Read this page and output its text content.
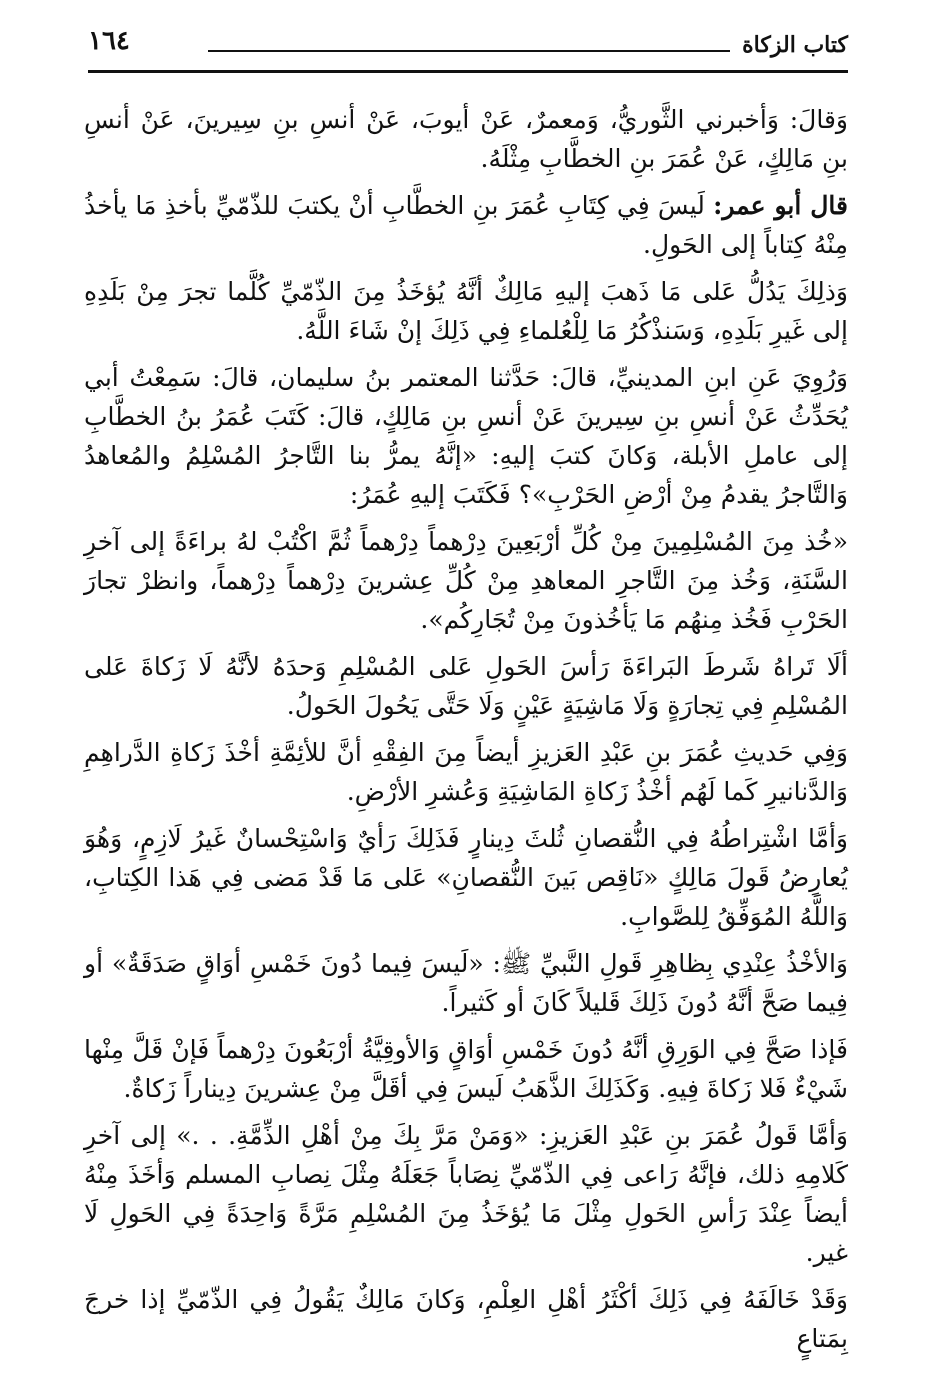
كتاب الزكاة
١٦٤

وَقالَ: وَأخبرني الثَّوريُّ، وَمعمرٌ، عَنْ أيوبَ، عَنْ أنسِ بنِ سِيرينَ، عَنْ أنسِ بنِ مَالِكٍ، عَنْ عُمَرَ بنِ الخطَّابِ مِثْلَهُ.

قال أبو عمر: لَيسَ فِي كِتَابِ عُمَرَ بنِ الخطَّابِ أنْ يكتبَ للذّمّيِّ بأخذِ مَا يأخذُ مِنْهُ كِتاباً إلى الحَولِ.

وَذلِكَ يَدُلُّ عَلى مَا ذَهبَ إليهِ مَالِكٌ أنَّهُ يُؤخَذُ مِنَ الذّمّيِّ كُلَّما تجرَ مِنْ بَلَدِهِ إلى غَيرِ بَلَدِهِ، وَسَنذْكُرُ مَا لِلْعُلماءِ فِي ذَلِكَ إنْ شَاءَ اللَّهُ.

وَرُوِيَ عَنِ ابنِ المدينيِّ، قالَ: حَدَّثنا المعتمر بنُ سليمان، قالَ: سَمِعْتُ أبي يُحَدِّثُ عَنْ أنسِ بنِ سِيرينَ عَنْ أنسِ بنِ مَالِكٍ، قالَ: كَتَبَ عُمَرُ بنُ الخطَّابِ إلى عاملِ الأبلة، وَكانَ كتبَ إليهِ: «إنَّهُ يمرُّ بنا التَّاجرُ المُسْلِمُ والمُعاهدُ وَالتَّاجرُ يقدمُ مِنْ أرْضِ الحَرْبِ»؟ فَكَتَبَ إليهِ عُمَرُ:

«خُذ مِنَ المُسْلِمِينَ مِنْ كُلِّ أرْبَعِينَ دِرْهماً دِرْهماً ثُمَّ اكْتُبْ لهُ براءَةً إلى آخرِ السَّنَةِ، وَخُذ مِنَ التَّاجرِ المعاهدِ مِنْ كُلِّ عِشرينَ دِرْهماً دِرْهماً، وانظرْ تجارَ الحَرْبِ فَخُذ مِنهُم مَا يَأخُذونَ مِنْ تُجَارِكُم».

ألَا تَراهُ شَرطَ البَراءَةَ رَأسَ الحَولِ عَلى المُسْلِمِ وَحدَهُ لأنَّهُ لَا زَكاةَ عَلى المُسْلِمِ فِي تِجارَةٍ وَلَا مَاشِيَةٍ عَيْنٍ وَلَا حَتَّى يَحُولَ الحَولُ.

وَفِي حَديثِ عُمَرَ بنِ عَبْدِ العَزيزِ أيضاً مِنَ الفِقْهِ أنَّ للأئِمَّةِ أخْذَ زَكاةِ الدَّراهِمِ وَالدَّنانيرِ كَما لَهُم أخْذُ زَكاةِ المَاشِيَةِ وَعُشرِ الأرْضِ.

وَأمَّا اشْتِراطُهُ فِي النُّقصانِ ثُلثَ دِينارٍ فَذَلِكَ رَأيٌ وَاسْتِحْسانٌ غَيرُ لَازِمٍ، وَهُوَ يُعارِضُ قَولَ مَالِكٍ «نَاقِص بَينَ النُّقصانِ» عَلى مَا قَدْ مَضى فِي هَذا الكِتابِ، وَاللَّهُ المُوَفِّقُ لِلصَّوابِ.

وَالأخْذُ عِنْدِي بِظاهِرِ قَولِ النَّبيِّ ﷺ: «لَيسَ فِيما دُونَ خَمْسِ أوَاقٍ صَدَقَةٌ» أو فِيما صَحَّ أنَّهُ دُونَ ذَلِكَ قَليلاً كَانَ أو كَثيراً.

فَإذا صَحَّ فِي الوَرِقِ أنَّهُ دُونَ خَمْسِ أوَاقٍ وَالأوقِيَّةُ أرْبَعُونَ دِرْهماً فَإنْ قَلَّ مِنْها شَيْءٌ فَلا زَكاةَ فِيهِ. وَكَذَلِكَ الذَّهَبُ لَيسَ فِي أقَلَّ مِنْ عِشرينَ دِيناراً زَكاةٌ.

وَأمَّا قَولُ عُمَرَ بنِ عَبْدِ العَزيزِ: «وَمَنْ مَرَّ بِكَ مِنْ أهْلِ الذِّمَّةِ. . .» إلى آخرِ كَلامِهِ ذلك، فإنَّهُ رَاعى فِي الذّمّيِّ نِصَاباً جَعَلَهُ مِثْلَ نِصابِ المسلم وَأخَذَ مِنْهُ أيضاً عِنْدَ رَأسِ الحَولِ مِثْلَ مَا يُؤخَذُ مِنَ المُسْلِمِ مَرَّةً وَاحِدَةً فِي الحَولِ لَا غير.

وَقَدْ خَالَفَهُ فِي ذَلِكَ أكْثَرُ أهْلِ العِلْمِ، وَكانَ مَالِكٌ يَقُولُ فِي الذّمّيِّ إذا خرجَ بِمَتاعٍ
